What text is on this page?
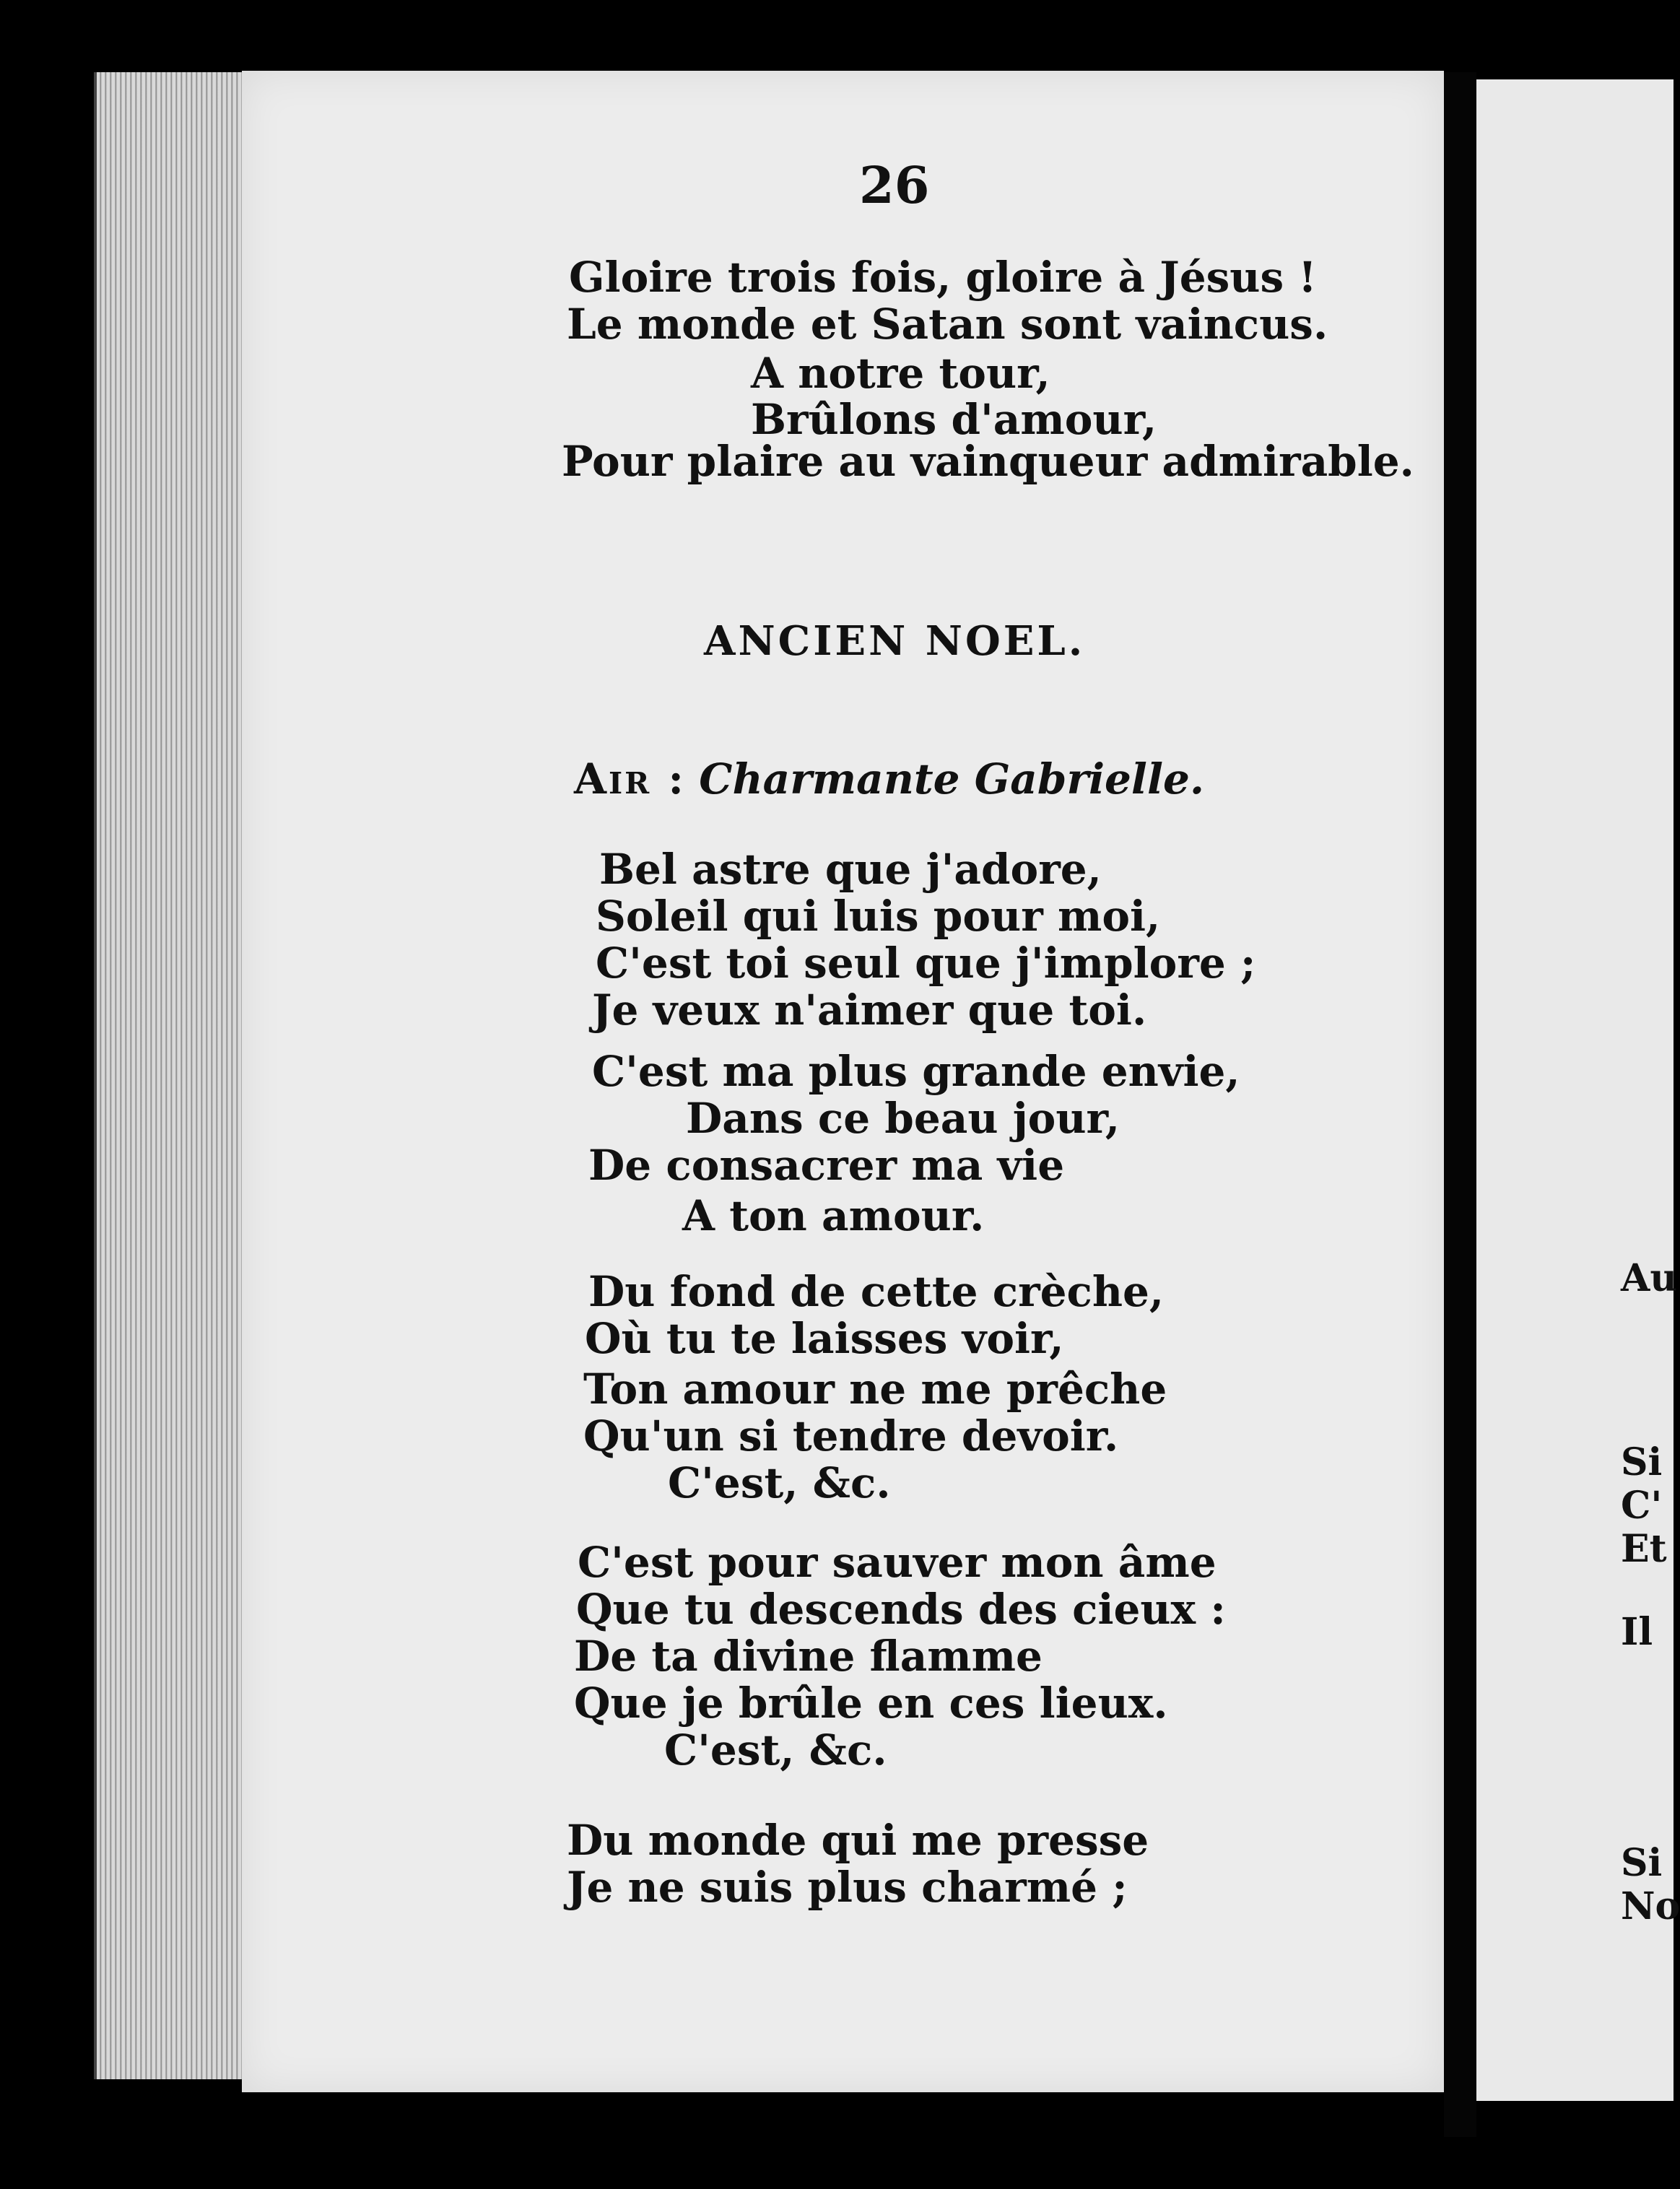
Au
Si
C'
Et
Il
Si
No
26
Gloire trois fois, gloire à Jésus !
Le monde et Satan sont vaincus.
A notre tour,
Brûlons d'amour,
Pour plaire au vainqueur admirable.
ANCIEN NOEL.
Air : Charmante Gabrielle.
Bel astre que j'adore,
Soleil qui luis pour moi,
C'est toi seul que j'implore ;
Je veux n'aimer que toi.
C'est ma plus grande envie,
Dans ce beau jour,
De consacrer ma vie
A ton amour.
Du fond de cette crèche,
Où tu te laisses voir,
Ton amour ne me prêche
Qu'un si tendre devoir.
C'est, &c.
C'est pour sauver mon âme
Que tu descends des cieux :
De ta divine flamme
Que je brûle en ces lieux.
C'est, &c.
Du monde qui me presse
Je ne suis plus charmé ;
